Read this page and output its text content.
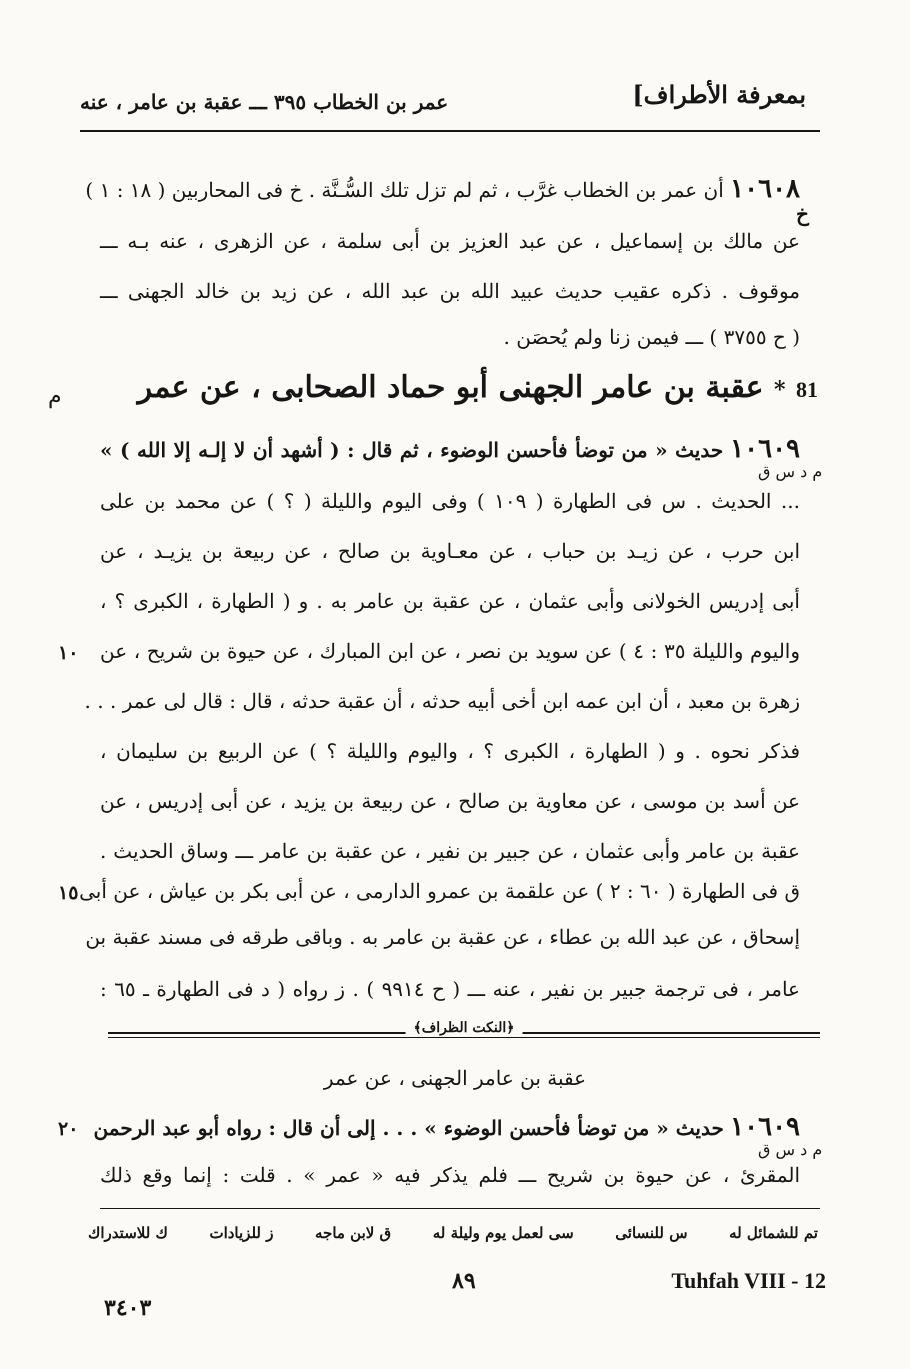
عمر بن الخطاب ٣٩٥ ـــ عقبة بن عامر ، عنه	بمعرفة الأطراف]
١٠٦٠٨ أن عمر بن الخطاب غرَّب ، ثم لم تزل تلك السُّـنَّة . خ فى المحاربين ( ١٨ : ١ )
خ
عن مالك بن إسماعيل ، عن عبد العزيز بن أبى سلمة ، عن الزهرى ، عنه بـه ـــ
موقوف . ذكره عقيب حديث عبيد الله بن عبد الله ، عن زيد بن خالد الجهنى ـــ
( ح ٣٧٥٥ ) ـــ فيمن زنا ولم يُحصَن .
81 * عقبة بن عامر الجهنى أبو حماد الصحابى ، عن عمر
م
١٠٦٠٩ حديث « من توضأ فأحسن الوضوء ، ثم قال : ( أشهد أن لا إلـه إلا الله ) »
م د س ق
... الحديث . س فى الطهارة ( ١٠٩ ) وفى اليوم والليلة ( ؟ ) عن محمد بن على
ابن حرب ، عن زيـد بن حباب ، عن معـاوية بن صالح ، عن ربيعة بن يزيـد ، عن
أبى إدريس الخولانى وأبى عثمان ، عن عقبة بن عامر به . و ( الطهارة ، الكبرى ؟ ،
واليوم والليلة ٣٥ : ٤ ) عن سويد بن نصر ، عن ابن المبارك ، عن حيوة بن شريح ، عن
١٠
زهرة بن معبد ، أن ابن عمه ابن أخى أبيه حدثه ، أن عقبة حدثه ، قال : قال لى عمر . . .
فذكر نحوه . و ( الطهارة ، الكبرى ؟ ، واليوم والليلة ؟ ) عن الربيع بن سليمان ،
عن أسد بن موسى ، عن معاوية بن صالح ، عن ربيعة بن يزيد ، عن أبى إدريس ، عن
عقبة بن عامر وأبى عثمان ، عن جبير بن نفير ، عن عقبة بن عامر ـــ وساق الحديث .
ق فى الطهارة ( ٦٠ : ٢ ) عن علقمة بن عمرو الدارمى ، عن أبى بكر بن عياش ، عن أبى
١٥
إسحاق ، عن عبد الله بن عطاء ، عن عقبة بن عامر به . وباقى طرقه فى مسند عقبة بن
عامر ، فى ترجمة جبير بن نفير ، عنه ـــ ( ح ٩٩١٤ ) . ز رواه ( د فى الطهارة ـ ٦٥ :
﴿النكت الظراف﴾
عقبة بن عامر الجهنى ، عن عمر
١٠٦٠٩ حديث « من توضأ فأحسن الوضوء » . . . إلى أن قال : رواه أبو عبد الرحمن
٢٠
م د س ق
المقرئ ، عن حيوة بن شريح ـــ فلم يذكر فيه « عمر » . قلت : إنما وقع ذلك
تم للشمائل له
س للنسائى
سى لعمل يوم وليلة له
ق لابن ماجه
ز للزيادات
ك للاستدراك
٨٩	Tuhfah VIII - 12
٣٤٠٣
